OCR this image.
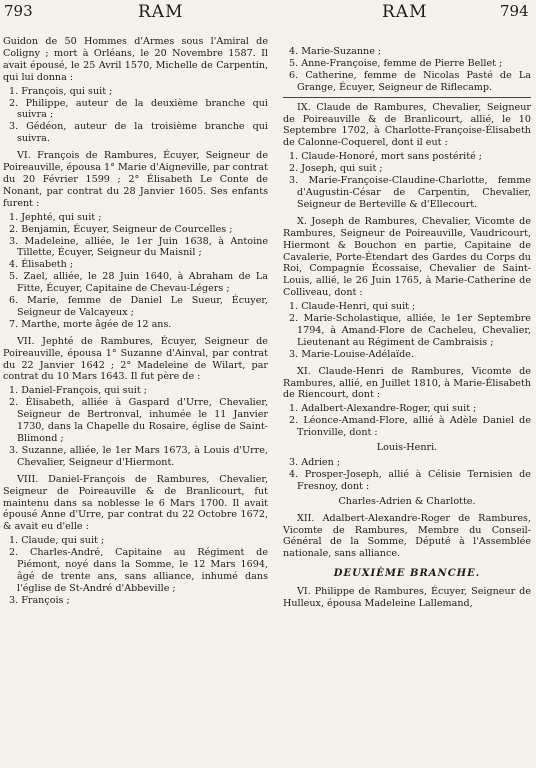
793	RAM	RAM	794

Guidon de 50 Hommes d'Armes sous l'Amiral de Coligny ; mort à Orléans, le 20 Novembre 1587. Il avait épousé, le 25 Avril 1570, Michelle de Carpentin, qui lui donna :

1. François, qui suit ;
2. Philippe, auteur de la deuxième branche qui suivra ;
3. Gédéon, auteur de la troisième branche qui suivra.

VI. François de Rambures, Écuyer, Seigneur de Poireauville, épousa 1° Marie d'Aigneville, par contrat du 20 Février 1599 ; 2° Élisabeth Le Conte de Nonant, par contrat du 28 Janvier 1605. Ses enfants furent :

1. Jephté, qui suit ;
2. Benjamin, Écuyer, Seigneur de Courcelles ;
3. Madeleine, alliée, le 1er Juin 1638, à Antoine Tillette, Écuyer, Seigneur du Maisnil ;
4. Élisabeth ;
5. Zael, alliée, le 28 Juin 1640, à Abraham de La Fitte, Écuyer, Capitaine de Chevau-Légers ;
6. Marie, femme de Daniel Le Sueur, Écuyer, Seigneur de Valcayeux ;
7. Marthe, morte âgée de 12 ans.

VII. Jephté de Rambures, Écuyer, Seigneur de Poireauville, épousa 1° Suzanne d'Ainval, par contrat du 22 Janvier 1642 ; 2° Madeleine de Wilart, par contrat du 10 Mars 1643. Il fut père de :

1. Daniel-François, qui suit ;
2. Élisabeth, alliée à Gaspard d'Urre, Chevalier, Seigneur de Bertronval, inhumée le 11 Janvier 1730, dans la Chapelle du Rosaire, église de Saint-Blimond ;
3. Suzanne, alliée, le 1er Mars 1673, à Louis d'Urre, Chevalier, Seigneur d'Hiermont.

VIII. Daniel-François de Rambures, Chevalier, Seigneur de Poireauville & de Branlicourt, fut maintenu dans sa noblesse le 6 Mars 1700. Il avait épousé Anne d'Urre, par contrat du 22 Octobre 1672, & avait eu d'elle :

1. Claude, qui suit ;
2. Charles-André, Capitaine au Régiment de Piémont, noyé dans la Somme, le 12 Mars 1694, âgé de trente ans, sans alliance, inhumé dans l'église de St-André d'Abbeville ;
3. François ;
4. Marie-Suzanne ;
5. Anne-Françoise, femme de Pierre Bellet ;
6. Catherine, femme de Nicolas Pasté de La Grange, Écuyer, Seigneur de Riflecamp.

IX. Claude de Rambures, Chevalier, Seigneur de Poireauville & de Branlicourt, allié, le 10 Septembre 1702, à Charlotte-Françoise-Élisabeth de Calonne-Coquerel, dont il eut :

1. Claude-Honoré, mort sans postérité ;
2. Joseph, qui suit ;
3. Marie-Françoise-Claudine-Charlotte, femme d'Augustin-César de Carpentin, Chevalier, Seigneur de Berteville & d'Ellecourt.

X. Joseph de Rambures, Chevalier, Vicomte de Rambures, Seigneur de Poireauville, Vaudricourt, Hiermont & Bouchon en partie, Capitaine de Cavalerie, Porte-Étendart des Gardes du Corps du Roi, Compagnie Écossaise, Chevalier de Saint-Louis, allié, le 26 Juin 1765, à Marie-Catherine de Colliveau, dont :

1. Claude-Henri, qui suit ;
2. Marie-Scholastique, alliée, le 1er Septembre 1794, à Amand-Flore de Cacheleu, Chevalier, Lieutenant au Régiment de Cambraisis ;
3. Marie-Louise-Adélaïde.

XI. Claude-Henri de Rambures, Vicomte de Rambures, allié, en Juillet 1810, à Marie-Élisabeth de Riencourt, dont :

1. Adalbert-Alexandre-Roger, qui suit ;
2. Léonce-Amand-Flore, allié à Adèle Daniel de Trionville, dont :
Louis-Henri.
3. Adrien ;
4. Prosper-Joseph, allié à Célisie Ternisien de Fresnoy, dont :
Charles-Adrien & Charlotte.

XII. Adalbert-Alexandre-Roger de Rambures, Vicomte de Rambures, Membre du Conseil-Général de la Somme, Député à l'Assemblée nationale, sans alliance.

DEUXIÈME BRANCHE.

VI. Philippe de Rambures, Écuyer, Seigneur de Hulleux, épousa Madeleine Lallemand,
